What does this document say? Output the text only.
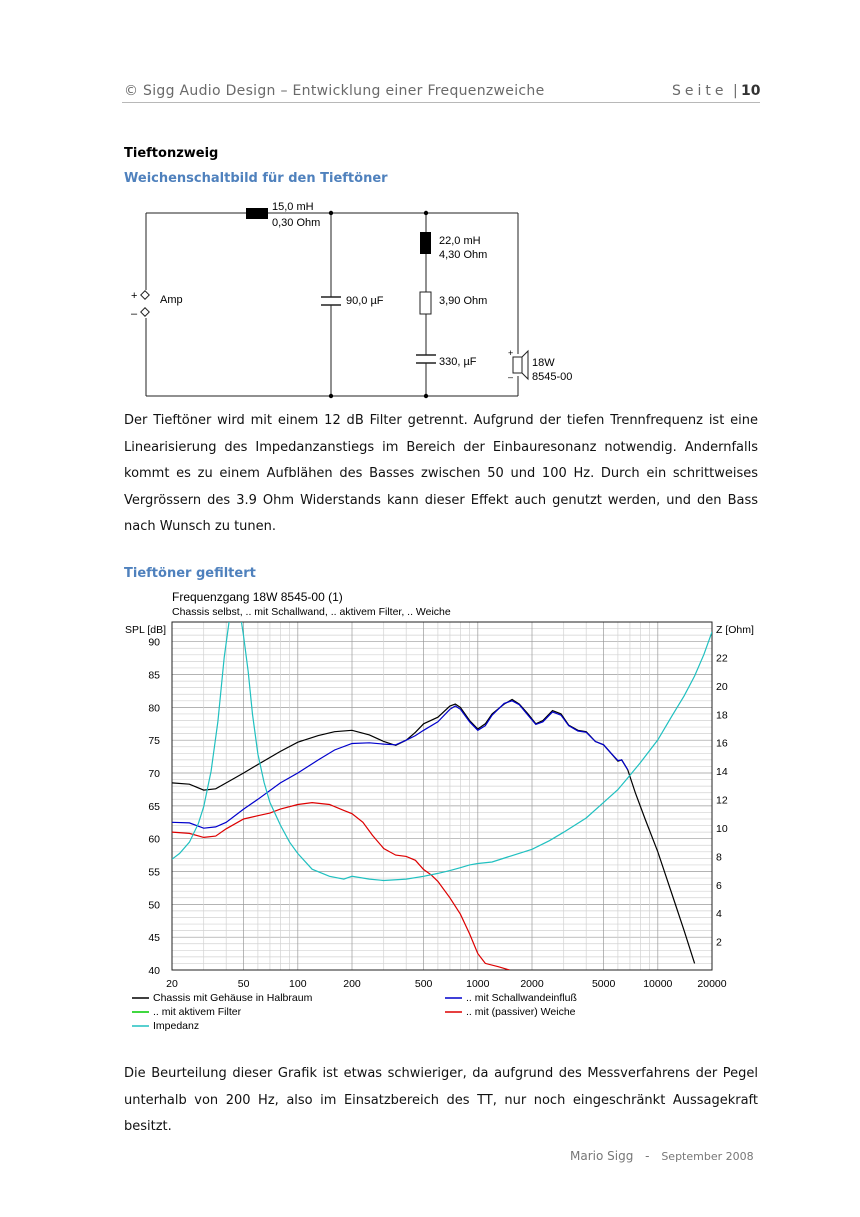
© Sigg Audio Design – Entwicklung einer Frequenzweiche	Seite | 10
Tieftonzweig
Weichenschaltbild für den Tieftöner
+
–
Amp
15,0 mH
0,30 Ohm
90,0 µF
22,0 mH
4,30 Ohm
3,90 Ohm
330, µF
+
–
18W
8545-00
Der Tieftöner wird mit einem 12 dB Filter getrennt. Aufgrund der tiefen Trennfrequenz ist eine Linearisierung des Impedanzanstiegs im Bereich der Einbauresonanz notwendig. Andernfalls kommt es zu einem Aufblähen des Basses zwischen 50 und 100 Hz. Durch ein schrittweises Vergrössern des 3.9 Ohm Widerstands kann dieser Effekt auch genutzt werden, und den Bass nach Wunsch zu tunen.
Tieftöner gefiltert
Frequenzgang 18W 8545-00 (1)
Chassis selbst, .. mit Schallwand, .. aktivem Filter, .. Weiche
SPL [dB]	Z [Ohm]
20	50	100	200	500	1000	2000	5000	10000 20000
40
45
50
55
60
65
70
75
80
85
90
2
4
6
8
10
12
14
16
18
20
22
Chassis mit Gehäuse in Halbraum	.. mit Schallwandeinfluß
.. mit aktivem Filter	.. mit (passiver) Weiche
Impedanz
Die Beurteilung dieser Grafik ist etwas schwieriger, da aufgrund des Messverfahrens der Pegel unterhalb von 200 Hz, also im Einsatzbereich des TT, nur noch eingeschränkt Aussagekraft besitzt.
Mario Sigg - September 2008
